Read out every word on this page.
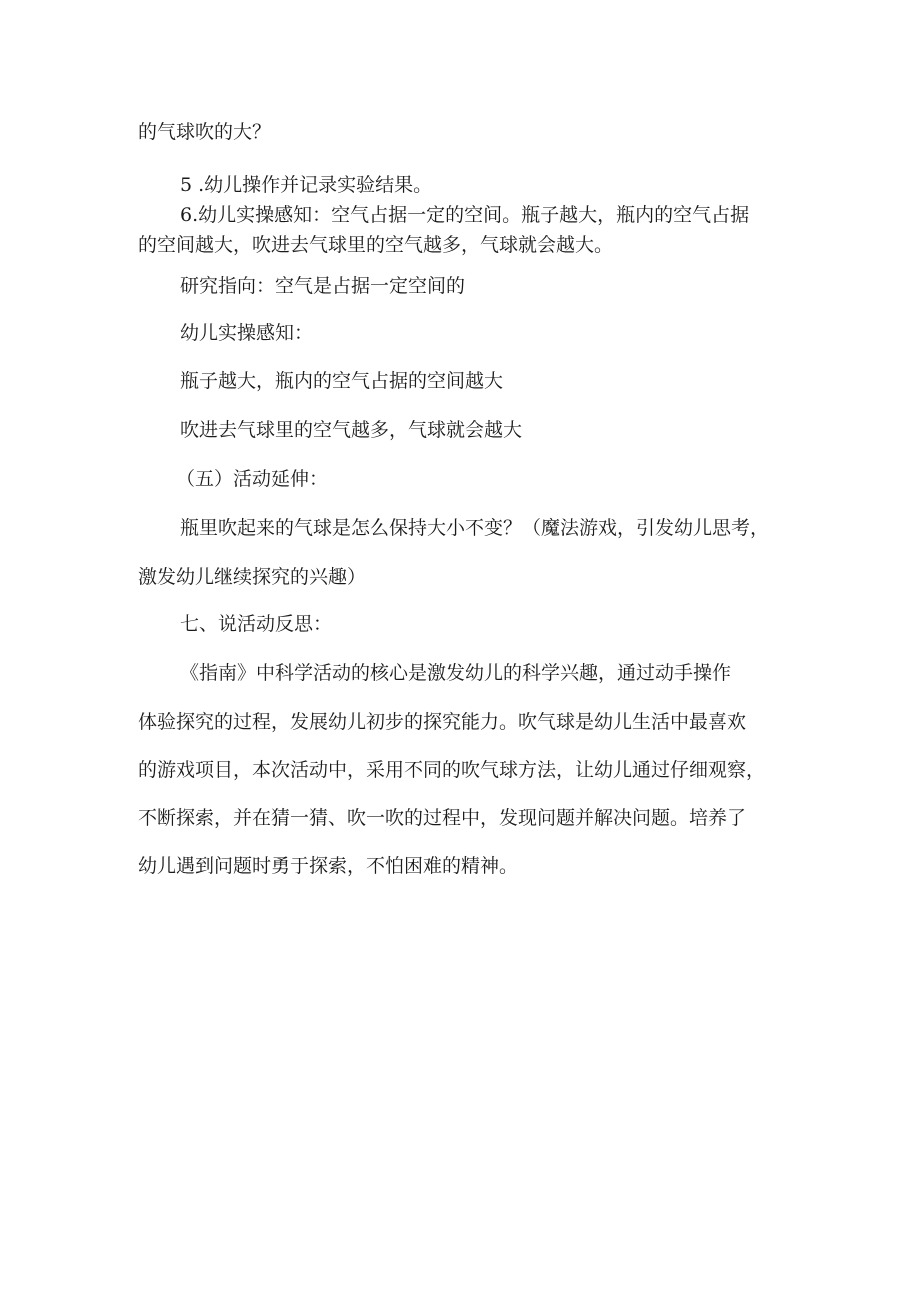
的气球吹的大？
5 .幼儿操作并记录实验结果。
6.幼儿实操感知：空气占据一定的空间。瓶子越大，瓶内的空气占据
的空间越大，吹进去气球里的空气越多，气球就会越大。
研究指向：空气是占据一定空间的
幼儿实操感知：
瓶子越大，瓶内的空气占据的空间越大
吹进去气球里的空气越多，气球就会越大
（五）活动延伸：
瓶里吹起来的气球是怎么保持大小不变？（魔法游戏，引发幼儿思考，
激发幼儿继续探究的兴趣）
七、说活动反思：
《指南》中科学活动的核心是激发幼儿的科学兴趣，通过动手操作
体验探究的过程，发展幼儿初步的探究能力。吹气球是幼儿生活中最喜欢
的游戏项目，本次活动中，采用不同的吹气球方法，让幼儿通过仔细观察，
不断探索，并在猜一猜、吹一吹的过程中，发现问题并解决问题。培养了
幼儿遇到问题时勇于探索，不怕困难的精神。
